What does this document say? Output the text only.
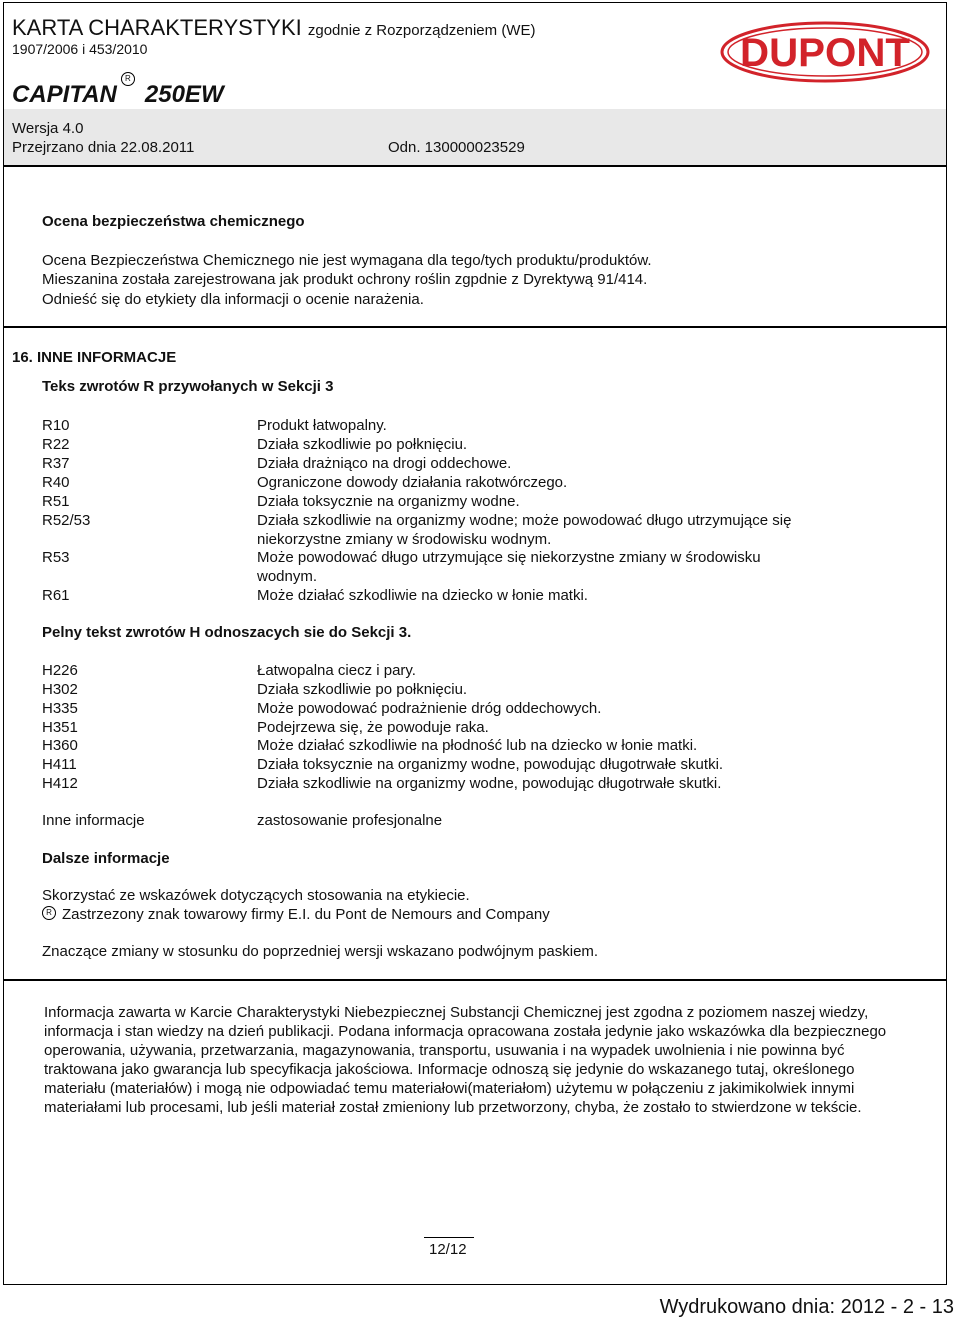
KARTA CHARAKTERYSTYKI zgodnie z Rozporządzeniem (WE)
1907/2006 i 453/2010	DUPONT
$CAPITAN^R250EW$
Wersja 4.0
Przejrzano dnia 22.08.2011	Odn. 130000023529
Ocena bezpieczeństwa chemicznego
Ocena Bezpieczeństwa Chemicznego nie jest wymagana dla tego/tych produktu/produktów.
Mieszanina została zarejestrowana jak produkt ochrony roślin zgpdnie z Dyrektywą 91/414.
Odnieść się do etykiety dla informacji o ocenie narażenia.
16. INNE INFORMACJE
Teks zwrotów R przywołanych w Sekcji 3
R10	Produkt łatwopalny.
R22	Działa szkodliwie po połknięciu.
R37	Działa drażniąco na drogi oddechowe.
R40	Ograniczone dowody działania rakotwórczego.
R51	Działa toksycznie na organizmy wodne.
R52/53	Działa szkodliwie na organizmy wodne; może powodować długo utrzymujące się
niekorzystne zmiany w środowisku wodnym.
R53	Może powodować długo utrzymujące się niekorzystne zmiany w środowisku
wodnym.
R61	Może działać szkodliwie na dziecko w łonie matki.
Pelny tekst zwrotów H odnoszacych sie do Sekcji 3.
H226	Łatwopalna ciecz i pary.
H302	Działa szkodliwie po połknięciu.
H335	Może powodować podrażnienie dróg oddechowych.
H351	Podejrzewa się, że powoduje raka.
H360	Może działać szkodliwie na płodność lub na dziecko w łonie matki.
H411	Działa toksycznie na organizmy wodne, powodując długotrwałe skutki.
H412	Działa szkodliwie na organizmy wodne, powodując długotrwałe skutki.
Inne informacje	zastosowanie profesjonalne
Dalsze informacje
Skorzystać ze wskazówek dotyczących stosowania na etykiecie.
R Zastrzezony znak towarowy firmy E.I. du Pont de Nemours and Company
Znaczące zmiany w stosunku do poprzedniej wersji wskazano podwójnym paskiem.
Informacja zawarta w Karcie Charakterystyki Niebezpiecznej Substancji Chemicznej jest zgodna z poziomem naszej wiedzy, informacja i stan wiedzy na dzień publikacji. Podana informacja opracowana została jedynie jako wskazówka dla bezpiecznego operowania, używania, przetwarzania, magazynowania, transportu, usuwania i na wypadek uwolnienia i nie powinna być traktowana jako gwarancja lub specyfikacja jakościowa. Informacje odnoszą się jedynie do wskazanego tutaj, określonego materiału (materiałów) i mogą nie odpowiadać temu materiałowi(materiałom) użytemu w połączeniu z jakimikolwiek innymi materiałami lub procesami, lub jeśli materiał został zmieniony lub przetworzony, chyba, że zostało to stwierdzone w tekście.
12/12
Wydrukowano dnia: 2012 - 2 - 13
